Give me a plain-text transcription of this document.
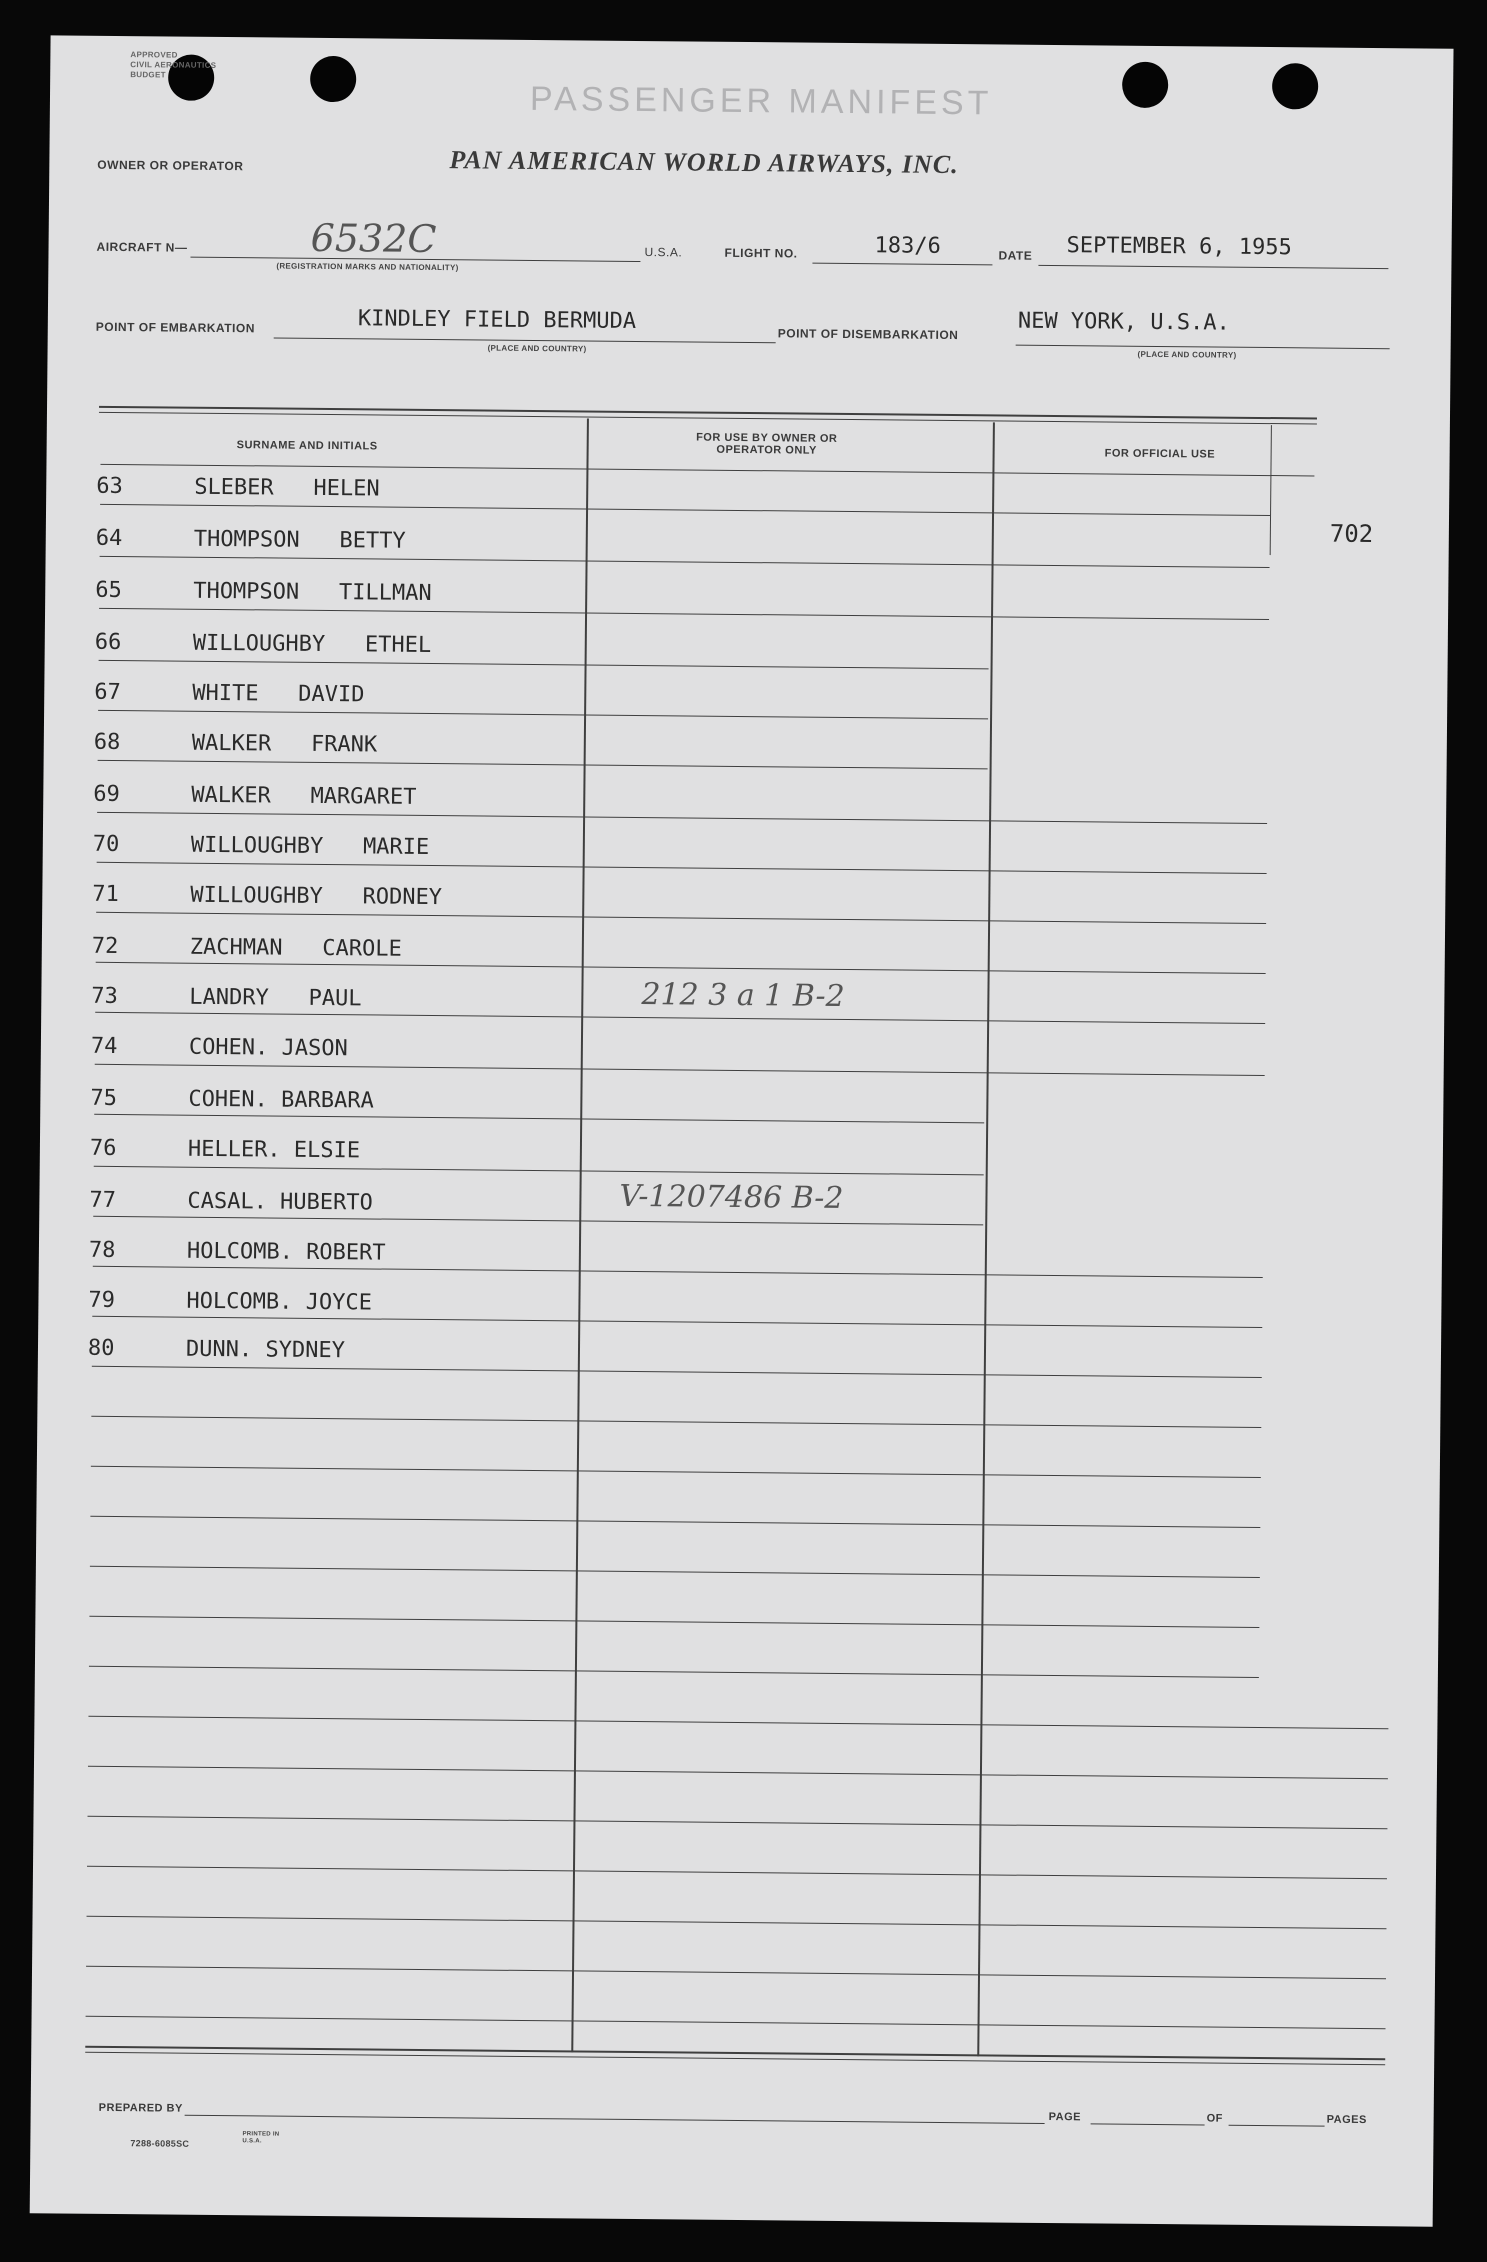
APPROVED
CIVIL AERONAUTICS
BUDGET
PASSENGER MANIFEST
OWNER OR OPERATOR	PAN AMERICAN WORLD AIRWAYS, INC.
AIRCRAFT N—	6532C
(REGISTRATION MARKS AND NATIONALITY)
U.S.A.	FLIGHT NO.	183/6	DATE SEPTEMBER 6, 1955
POINT OF EMBARKATION	KINDLEY FIELD BERMUDA
(PLACE AND COUNTRY)
POINT OF DISEMBARKATION	NEW YORK, U.S.A.
(PLACE AND COUNTRY)
SURNAME AND INITIALS
FOR USE BY OWNER OR OPERATOR ONLY	FOR OFFICIAL USE
702
63	SLEBER   HELEN
64	THOMPSON   BETTY
65	THOMPSON   TILLMAN
66	WILLOUGHBY   ETHEL
67	WHITE   DAVID
68	WALKER   FRANK
69	WALKER   MARGARET
70	WILLOUGHBY   MARIE
71	WILLOUGHBY   RODNEY
72	ZACHMAN   CAROLE
73	LANDRY   PAUL	212 3 a 1 B-2
74	COHEN. JASON
75	COHEN. BARBARA
76	HELLER. ELSIE
77	CASAL. HUBERTO	V-1207486 B-2
78	HOLCOMB. ROBERT
79	HOLCOMB. JOYCE
80	DUNN. SYDNEY
PREPARED BY
PAGE	OF	PAGES
7288-6085SC
PRINTED IN U.S.A.
